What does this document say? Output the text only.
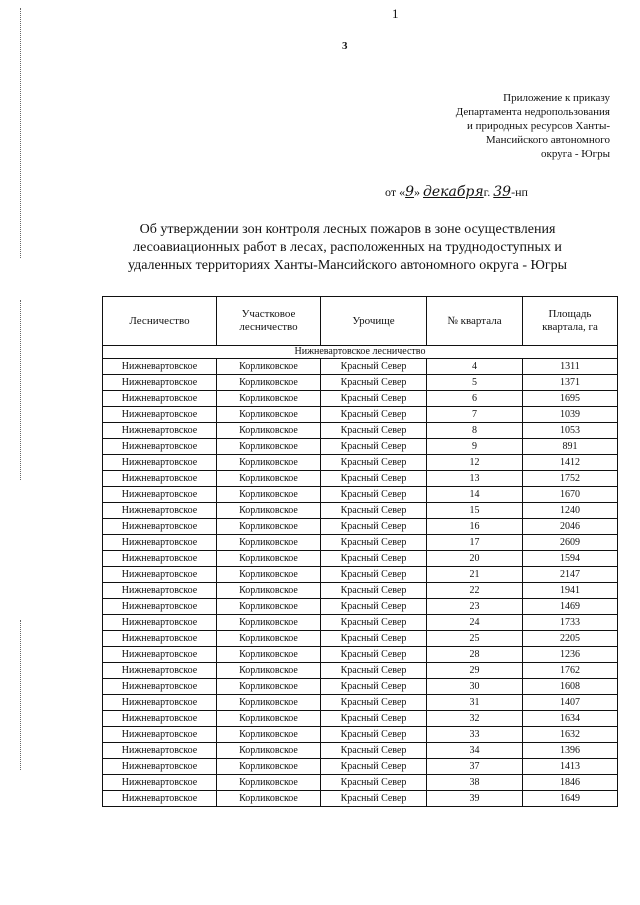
1
3
Приложение к приказу
Департамента недропользования
и природных ресурсов Ханты-
Мансийского автономного
округа - Югры
от «9» декабряг. 39-нп
Об утверждении зон контроля лесных пожаров в зоне осуществления
лесоавиационных работ в лесах, расположенных на труднодоступных и
удаленных территориях Ханты-Мансийского автономного округа - Югры
Лесничество	Участковое лесничество	Урочище	№ квартала	Площадь квартала, га
Нижневартовское лесничество				
Нижневартовское	Корликовское	Красный Север	4	1311
Нижневартовское	Корликовское	Красный Север	5	1371
Нижневартовское	Корликовское	Красный Север	6	1695
Нижневартовское	Корликовское	Красный Север	7	1039
Нижневартовское	Корликовское	Красный Север	8	1053
Нижневартовское	Корликовское	Красный Север	9	891
Нижневартовское	Корликовское	Красный Север	12	1412
Нижневартовское	Корликовское	Красный Север	13	1752
Нижневартовское	Корликовское	Красный Север	14	1670
Нижневартовское	Корликовское	Красный Север	15	1240
Нижневартовское	Корликовское	Красный Север	16	2046
Нижневартовское	Корликовское	Красный Север	17	2609
Нижневартовское	Корликовское	Красный Север	20	1594
Нижневартовское	Корликовское	Красный Север	21	2147
Нижневартовское	Корликовское	Красный Север	22	1941
Нижневартовское	Корликовское	Красный Север	23	1469
Нижневартовское	Корликовское	Красный Север	24	1733
Нижневартовское	Корликовское	Красный Север	25	2205
Нижневартовское	Корликовское	Красный Север	28	1236
Нижневартовское	Корликовское	Красный Север	29	1762
Нижневартовское	Корликовское	Красный Север	30	1608
Нижневартовское	Корликовское	Красный Север	31	1407
Нижневартовское	Корликовское	Красный Север	32	1634
Нижневартовское	Корликовское	Красный Север	33	1632
Нижневартовское	Корликовское	Красный Север	34	1396
Нижневартовское	Корликовское	Красный Север	37	1413
Нижневартовское	Корликовское	Красный Север	38	1846
Нижневартовское	Корликовское	Красный Север	39	1649
